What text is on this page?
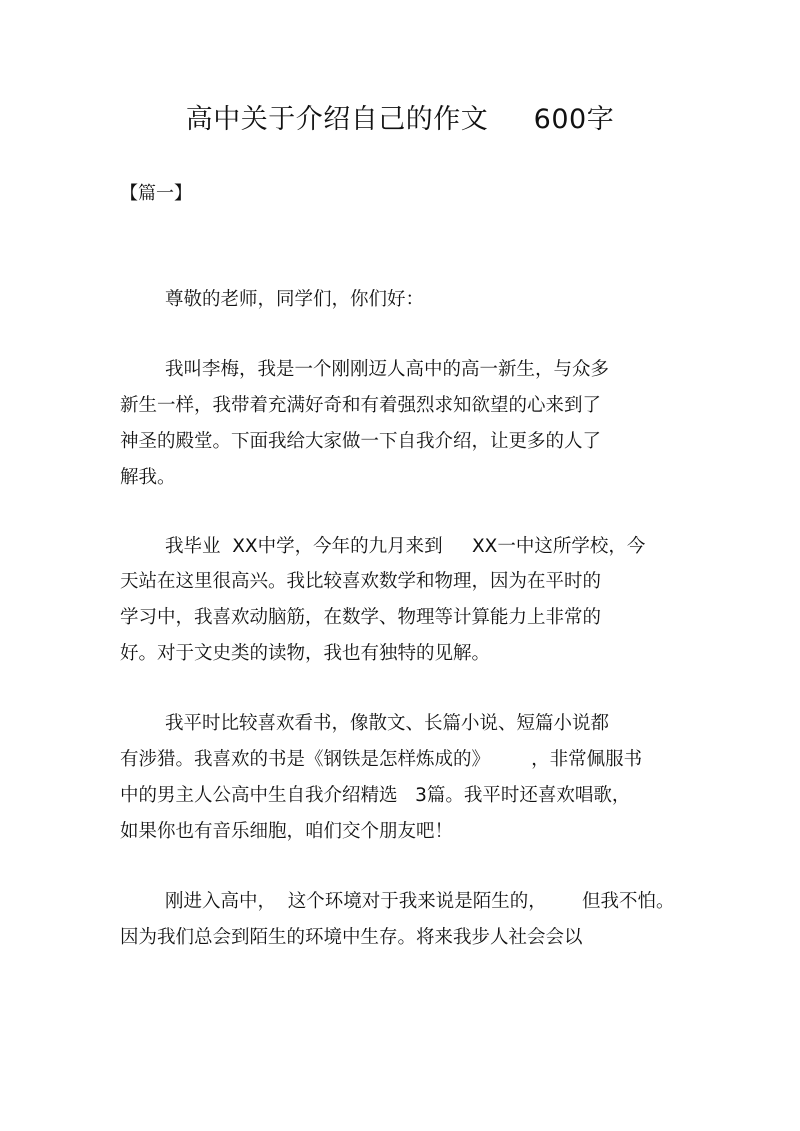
高中关于介绍自己的作文     600字
【篇一】
尊敬的老师，同学们，你们好：
我叫李梅，我是一个刚刚迈人高中的高一新生，与众多
新生一样，我带着充满好奇和有着强烈求知欲望的心来到了
神圣的殿堂。下面我给大家做一下自我介绍，让更多的人了
解我。
我毕业  XX中学，今年的九月来到     XX一中这所学校，今
天站在这里很高兴。我比较喜欢数学和物理，因为在平时的
学习中，我喜欢动脑筋，在数学、物理等计算能力上非常的
好。对于文史类的读物，我也有独特的见解。
我平时比较喜欢看书，像散文、长篇小说、短篇小说都
有涉猎。我喜欢的书是《钢铁是怎样炼成的》       ，非常佩服书
中的男主人公高中生自我介绍精选   3篇。我平时还喜欢唱歌，
如果你也有音乐细胞，咱们交个朋友吧！
刚进入高中，  这个环境对于我来说是陌生的，      但我不怕。
因为我们总会到陌生的环境中生存。将来我步人社会会以
